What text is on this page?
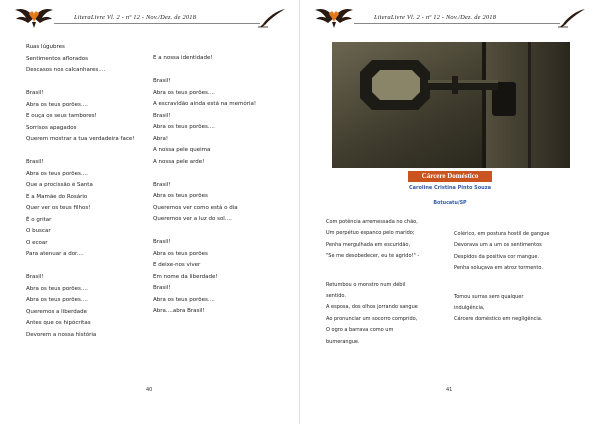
LiteraLivre Vl. 2 - nº 12 - Nov./Dez. de 2018
Ruas lúgubres
Sentimentos aflorados
Descasos nos calcanhares....
Brasil!
Abra os teus porões....
E ouça os seus tambores!
Sorrisos apagados
Querem mostrar a tua verdadeira face!
Brasil!
Abra os teus porões....
Que a procissão é Santa
E a Mamãe do Rosário
Quer ver os teus filhos!
É o gritar
O buscar
O ecoar
Para atenuar a dor....
Brasil!
Abra os teus porões....
Abra os teus porões....
Queremos a liberdade
Antes que os hipócritas
Devorem a nossa história
E a nossa identidade!
Brasil!
Abra os teus porões....
A escravidão ainda está na memória!
Brasil!
Abra os teus porões....
Abra!
A nossa pele queima
A nossa pele arde!
Brasil!
Abra os teus porões
Queremos ver como está o dia
Queremos ver a luz do sol....
Brasil!
Abra os teus porões
E deixe-nos viver
Em nome da liberdade!
Brasil!
Abra os teus porões....
Abra....abra Brasil!
40
LiteraLivre Vl. 2 - nº 12 - Nov./Dez. de 2018
Cárcere Doméstico
Caroline Cristina Pinto Souza
Botucatu/SP
Com potência arremessada no chão,
Um perpétuo espanco pelo marido;
Penha mergulhada em escuridão,
"Se me desobedecer, eu te agrido!" -
Retumbou o monstro num débil
sentido.
A esposa, dos olhos jorrando sangue
Ao pronunciar um socorro comprido,
O ogro a barrava como um
bumerangue.
Colérico, em postura hostil de gangue
Devorava um a um os sentimentos
Despidos da positiva cor mangue.
Penha soluçava em atroz tormento.
Tomou surras sem qualquer
indulgência,
Cárcere doméstico em negligência.
41
